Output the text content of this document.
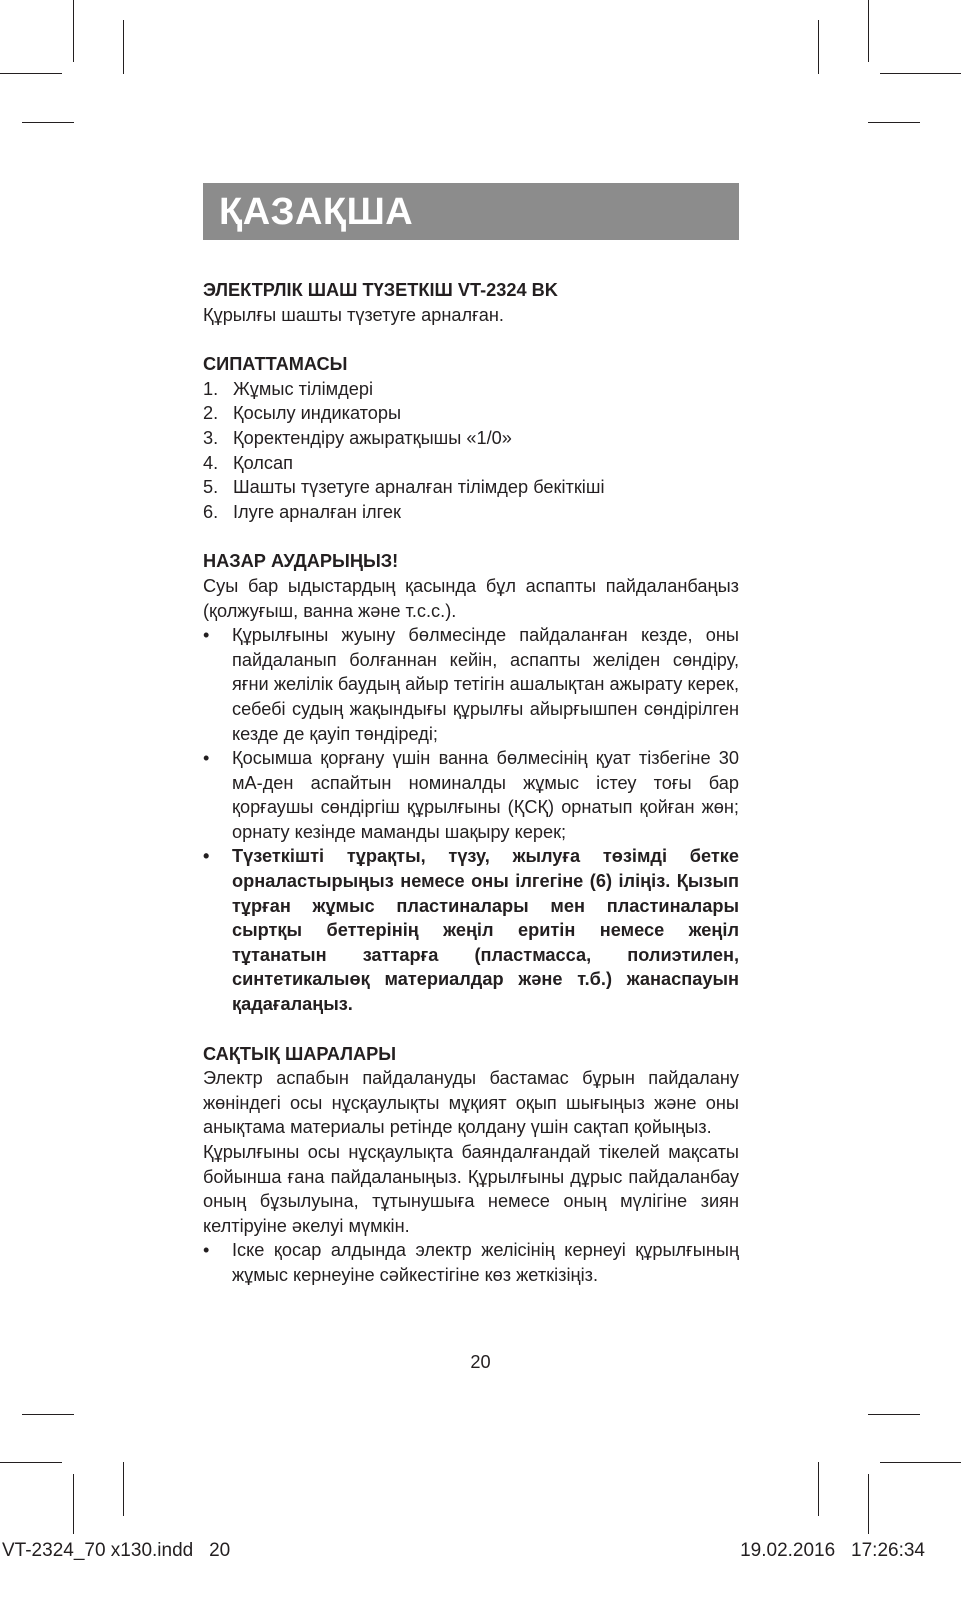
ҚАЗАҚША

ЭЛЕКТРЛІК ШАШ ТҮЗЕТКІШ VT-2324 BK

Құрылғы шашты түзетуге арналған.

СИПАТТАМАСЫ

1. Жұмыс тілімдері
2. Қосылу индикаторы
3. Қоректендіру ажыратқышы «1/0»
4. Қолсап
5. Шашты түзетуге арналған тілімдер бекіткіші
6. Ілуге арналған ілгек

НАЗАР АУДАРЫҢЫЗ!

Суы бар ыдыстардың қасында бұл аспапты пайдаланбаңыз (қолжуғыш, ванна және т.с.с.).

•	Құрылғыны жуыну бөлмесінде пайдаланған кезде, оны пайдаланып болғаннан кейін, аспапты желіден сөндіру, яғни желілік баудың айыр тетігін ашалықтан ажырату керек, себебі судың жақындығы құрылғы айырғышпен сөндірілген кезде де қауіп төндіреді;
•	Қосымша қорғану үшін ванна бөлмесінің қуат тізбегіне 30 мА-ден аспайтын номиналды жұмыс істеу тоғы бар қорғаушы сөндіргіш құрылғыны (ҚСҚ) орнатып қойған жөн; орнату кезінде маманды шақыру керек;
•	Түзеткішті тұрақты, түзу, жылуға төзімді бетке орналастырыңыз немесе оны ілгегіне (6) іліңіз. Қызып тұрған жұмыс пластиналары мен пластиналары сыртқы беттерінің жеңіл еритін немесе жеңіл тұтанатын заттарға (пластмасса, полиэтилен, синтетикалыөқ материалдар және т.б.) жанаспауын қадағалаңыз.

САҚТЫҚ ШАРАЛАРЫ

Электр аспабын пайдалануды бастамас бұрын пайдалану жөніндегі осы нұсқаулықты мұқият оқып шығыңыз және оны анықтама материалы ретінде қолдану үшін сақтап қойыңыз.

Құрылғыны осы нұсқаулықта баяндалғандай тікелей мақсаты бойынша ғана пайдаланыңыз. Құрылғыны дұрыс пайдаланбау оның бұзылуына, тұтынушыға немесе оның мүлігіне зиян келтіруіне әкелуі мүмкін.

•	Іске қосар алдында электр желісінің кернеуі құрылғының жұмыс кернеуіне сәйкестігіне көз жеткізіңіз.
20
VT-2324_70 x130.indd 20	19.02.2016 17:26:34
